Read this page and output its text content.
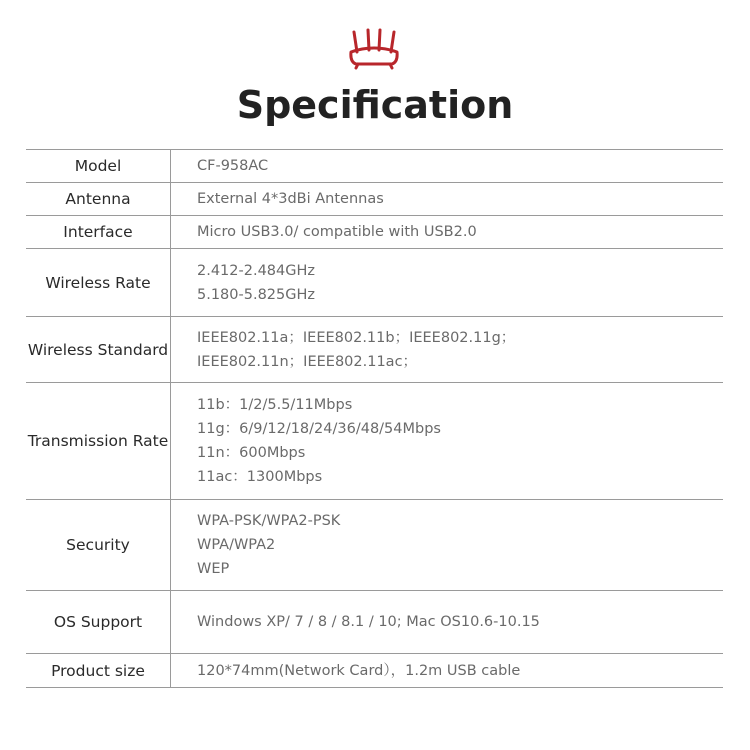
Specification
Model	CF-958AC

Antenna	External 4*3dBi Antennas

Interface	Micro USB3.0/ compatible with USB2.0

Wireless Rate	2.412-2.484GHz
5.180-5.825GHz

Wireless Standard	IEEE802.11a；IEEE802.11b；IEEE802.11g；
IEEE802.11n；IEEE802.11ac；

Transmission Rate	11b：1/2/5.5/11Mbps
11g：6/9/12/18/24/36/48/54Mbps
11n：600Mbps
11ac：1300Mbps

Security	WPA-PSK/WPA2-PSK
WPA/WPA2
WEP

OS Support	Windows XP/ 7 / 8 / 8.1 / 10; Mac OS10.6-10.15

Product size	120*74mm(Network Card），1.2m USB cable
